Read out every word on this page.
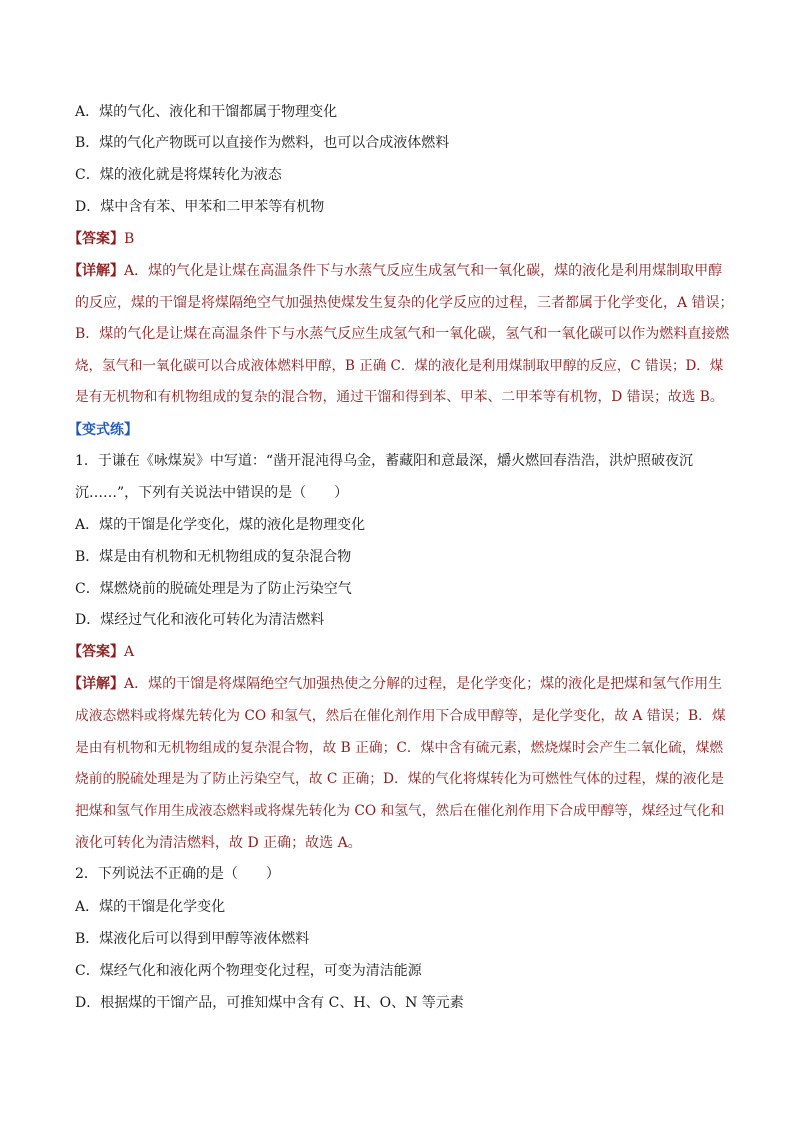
A．煤的气化、液化和干馏都属于物理变化
B．煤的气化产物既可以直接作为燃料，也可以合成液体燃料
C．煤的液化就是将煤转化为液态
D．煤中含有苯、甲苯和二甲苯等有机物
【答案】B
【详解】A．煤的气化是让煤在高温条件下与水蒸气反应生成氢气和一氧化碳，煤的液化是利用煤制取甲醇
的反应，煤的干馏是将煤隔绝空气加强热使煤发生复杂的化学反应的过程，三者都属于化学变化，A 错误；
B．煤的气化是让煤在高温条件下与水蒸气反应生成氢气和一氧化碳，氢气和一氧化碳可以作为燃料直接燃
烧，氢气和一氧化碳可以合成液体燃料甲醇，B 正确 C．煤的液化是利用煤制取甲醇的反应，C 错误；D．煤
是有无机物和有机物组成的复杂的混合物，通过干馏和得到苯、甲苯、二甲苯等有机物，D 错误；故选 B。
【变式练】
1．于谦在《咏煤炭》中写道：“凿开混沌得乌金，蓄藏阳和意最深，爝火燃回春浩浩，洪炉照破夜沉
沉……”，下列有关说法中错误的是（　　）
A．煤的干馏是化学变化，煤的液化是物理变化
B．煤是由有机物和无机物组成的复杂混合物
C．煤燃烧前的脱硫处理是为了防止污染空气
D．煤经过气化和液化可转化为清洁燃料
【答案】A
【详解】A．煤的干馏是将煤隔绝空气加强热使之分解的过程，是化学变化；煤的液化是把煤和氢气作用生
成液态燃料或将煤先转化为 CO 和氢气，然后在催化剂作用下合成甲醇等，是化学变化，故 A 错误；B．煤
是由有机物和无机物组成的复杂混合物，故 B 正确；C．煤中含有硫元素，燃烧煤时会产生二氧化硫，煤燃
烧前的脱硫处理是为了防止污染空气，故 C 正确；D．煤的气化将煤转化为可燃性气体的过程，煤的液化是
把煤和氢气作用生成液态燃料或将煤先转化为 CO 和氢气，然后在催化剂作用下合成甲醇等，煤经过气化和
液化可转化为清洁燃料，故 D 正确；故选 A。
2．下列说法不正确的是（　　）
A．煤的干馏是化学变化
B．煤液化后可以得到甲醇等液体燃料
C．煤经气化和液化两个物理变化过程，可变为清洁能源
D．根据煤的干馏产品，可推知煤中含有 C、H、O、N 等元素
